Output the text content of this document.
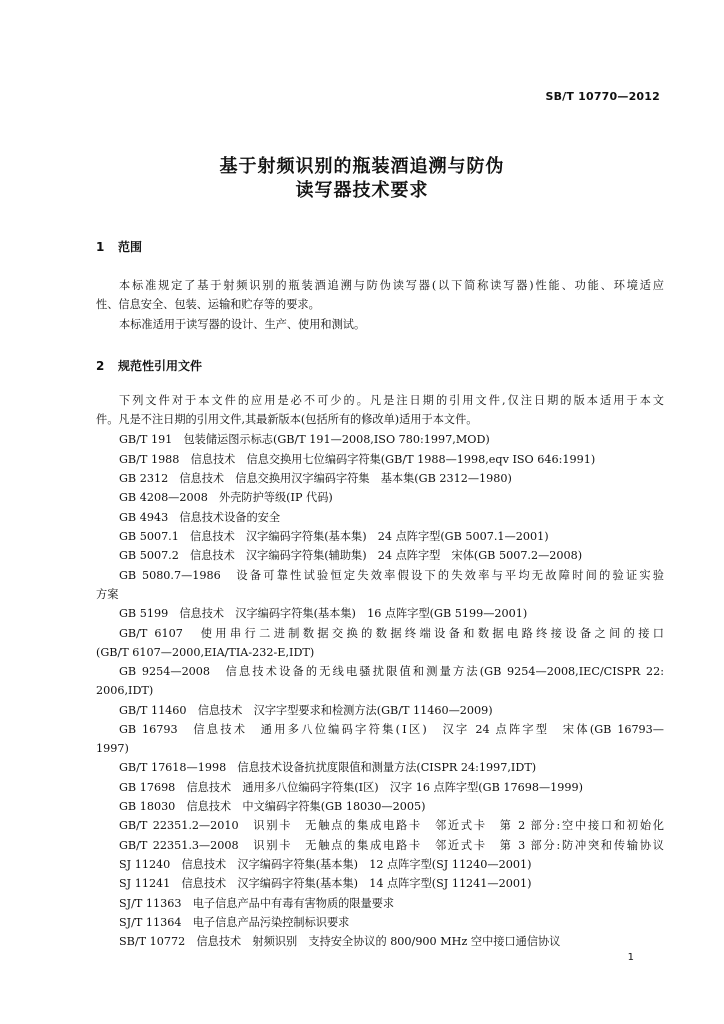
SB/T 10770—2012
基于射频识别的瓶装酒追溯与防伪
读写器技术要求
1 范围
本标准规定了基于射频识别的瓶装酒追溯与防伪读写器(以下简称读写器)性能、功能、环境适应
性、信息安全、包装、运输和贮存等的要求。
本标准适用于读写器的设计、生产、使用和测试。
2 规范性引用文件
下列文件对于本文件的应用是必不可少的。凡是注日期的引用文件,仅注日期的版本适用于本文
件。凡是不注日期的引用文件,其最新版本(包括所有的修改单)适用于本文件。
GB/T 191　包装储运图示标志(GB/T 191—2008,ISO 780:1997,MOD)
GB/T 1988　信息技术　信息交换用七位编码字符集(GB/T 1988—1998,eqv ISO 646:1991)
GB 2312　信息技术　信息交换用汉字编码字符集　基本集(GB 2312—1980)
GB 4208—2008　外壳防护等级(IP 代码)
GB 4943　信息技术设备的安全
GB 5007.1　信息技术　汉字编码字符集(基本集)　24 点阵字型(GB 5007.1—2001)
GB 5007.2　信息技术　汉字编码字符集(辅助集)　24 点阵字型　宋体(GB 5007.2—2008)
GB 5080.7—1986　设备可靠性试验恒定失效率假设下的失效率与平均无故障时间的验证实验
方案
GB 5199　信息技术　汉字编码字符集(基本集)　16 点阵字型(GB 5199—2001)
GB/T 6107　使用串行二进制数据交换的数据终端设备和数据电路终接设备之间的接口
(GB/T 6107—2000,EIA/TIA-232-E,IDT)
GB 9254—2008　信息技术设备的无线电骚扰限值和测量方法(GB 9254—2008,IEC/CISPR 22:
2006,IDT)
GB/T 11460　信息技术　汉字字型要求和检测方法(GB/T 11460—2009)
GB 16793　信息技术　通用多八位编码字符集(Ⅰ区)　汉字 24 点阵字型　宋体(GB 16793—
1997)
GB/T 17618—1998　信息技术设备抗扰度限值和测量方法(CISPR 24:1997,IDT)
GB 17698　信息技术　通用多八位编码字符集(Ⅰ区)　汉字 16 点阵字型(GB 17698—1999)
GB 18030　信息技术　中文编码字符集(GB 18030—2005)
GB/T 22351.2—2010　识别卡　无触点的集成电路卡　邻近式卡　第 2 部分:空中接口和初始化
GB/T 22351.3—2008　识别卡　无触点的集成电路卡　邻近式卡　第 3 部分:防冲突和传输协议
SJ 11240　信息技术　汉字编码字符集(基本集)　12 点阵字型(SJ 11240—2001)
SJ 11241　信息技术　汉字编码字符集(基本集)　14 点阵字型(SJ 11241—2001)
SJ/T 11363　电子信息产品中有毒有害物质的限量要求
SJ/T 11364　电子信息产品污染控制标识要求
SB/T 10772　信息技术　射频识别　支持安全协议的 800/900 MHz 空中接口通信协议
1
